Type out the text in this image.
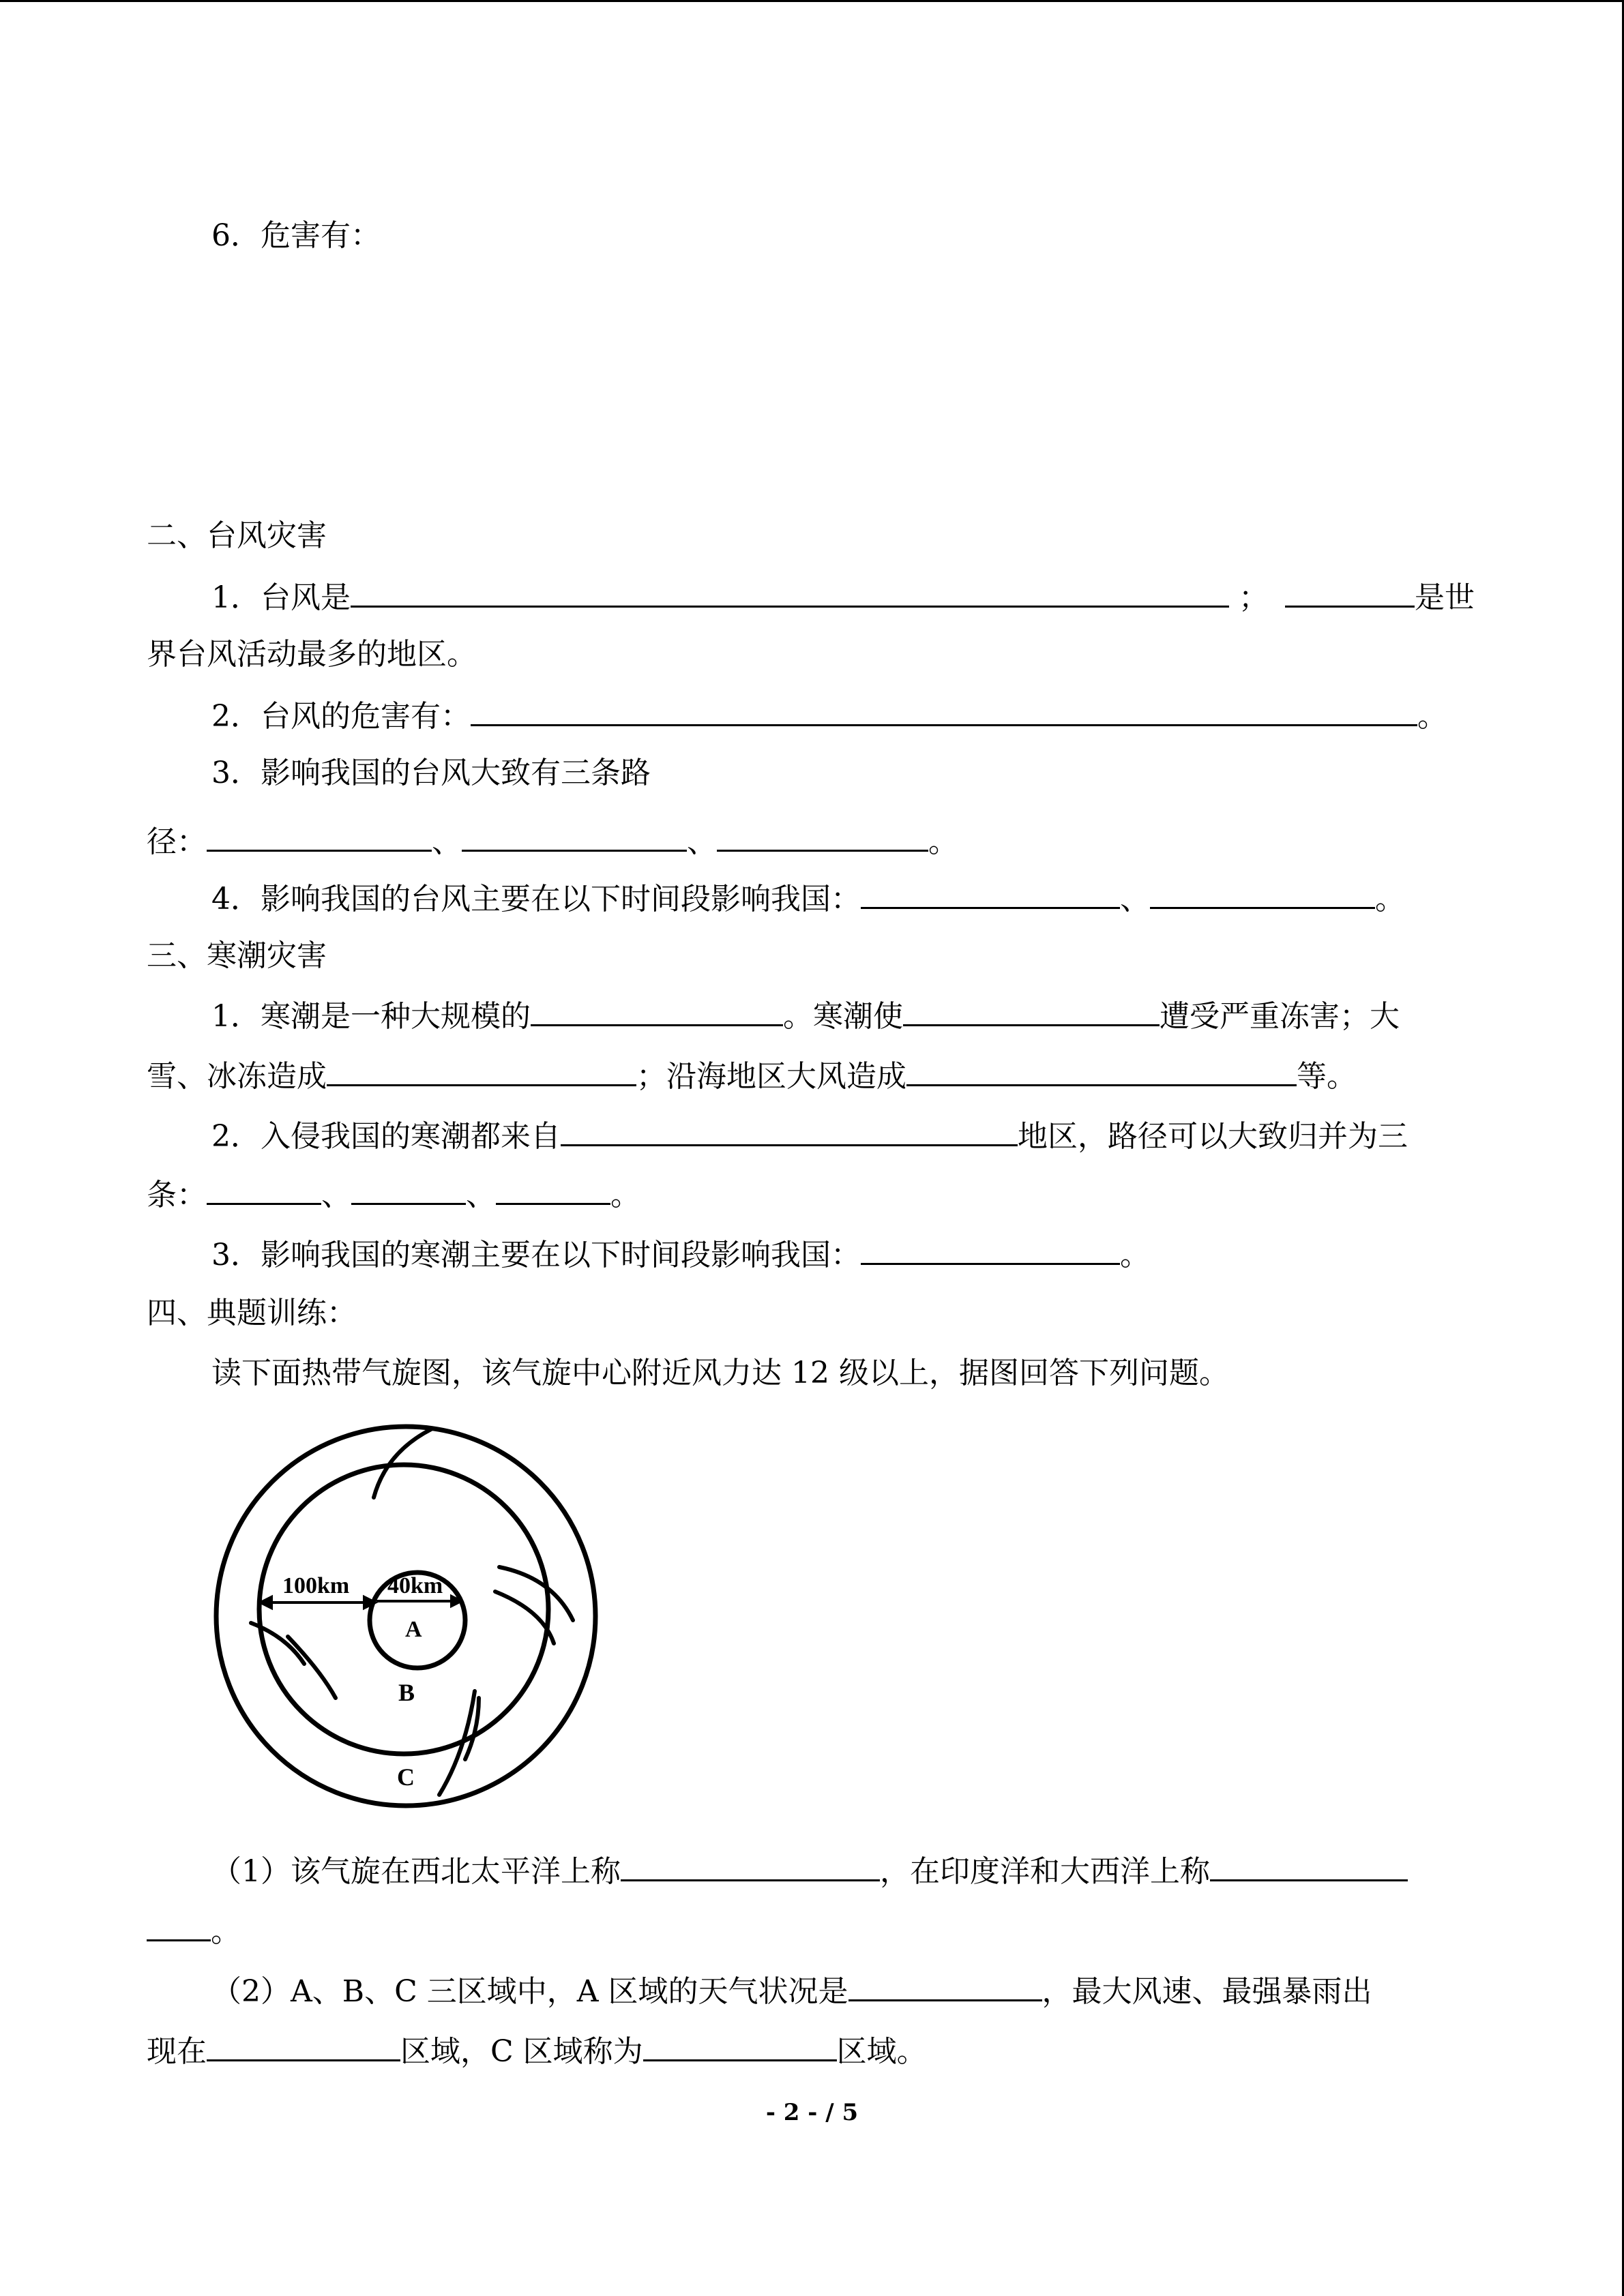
6．危害有：
二、台风灾害
1．台风是	；	是世
界台风活动最多的地区。
2．台风的危害有：	。
3．影响我国的台风大致有三条路
径：	、	、	。
4．影响我国的台风主要在以下时间段影响我国：	、	。
三、寒潮灾害
1．寒潮是一种大规模的	。寒潮使	遭受严重冻害；大
雪、冰冻造成	；沿海地区大风造成	等。
2．入侵我国的寒潮都来自	地区，路径可以大致归并为三
条：	、	、	。
3．影响我国的寒潮主要在以下时间段影响我国：	。
四、典题训练：
读下面热带气旋图，该气旋中心附近风力达 12 级以上，据图回答下列问题。
100km 40km
A
B
C
（1）该气旋在西北太平洋上称	，在印度洋和大西洋上称
。
（2）A、B、C 三区域中，A 区域的天气状况是	，最大风速、最强暴雨出
现在	区域，C 区域称为	区域。
- 2 - / 5
